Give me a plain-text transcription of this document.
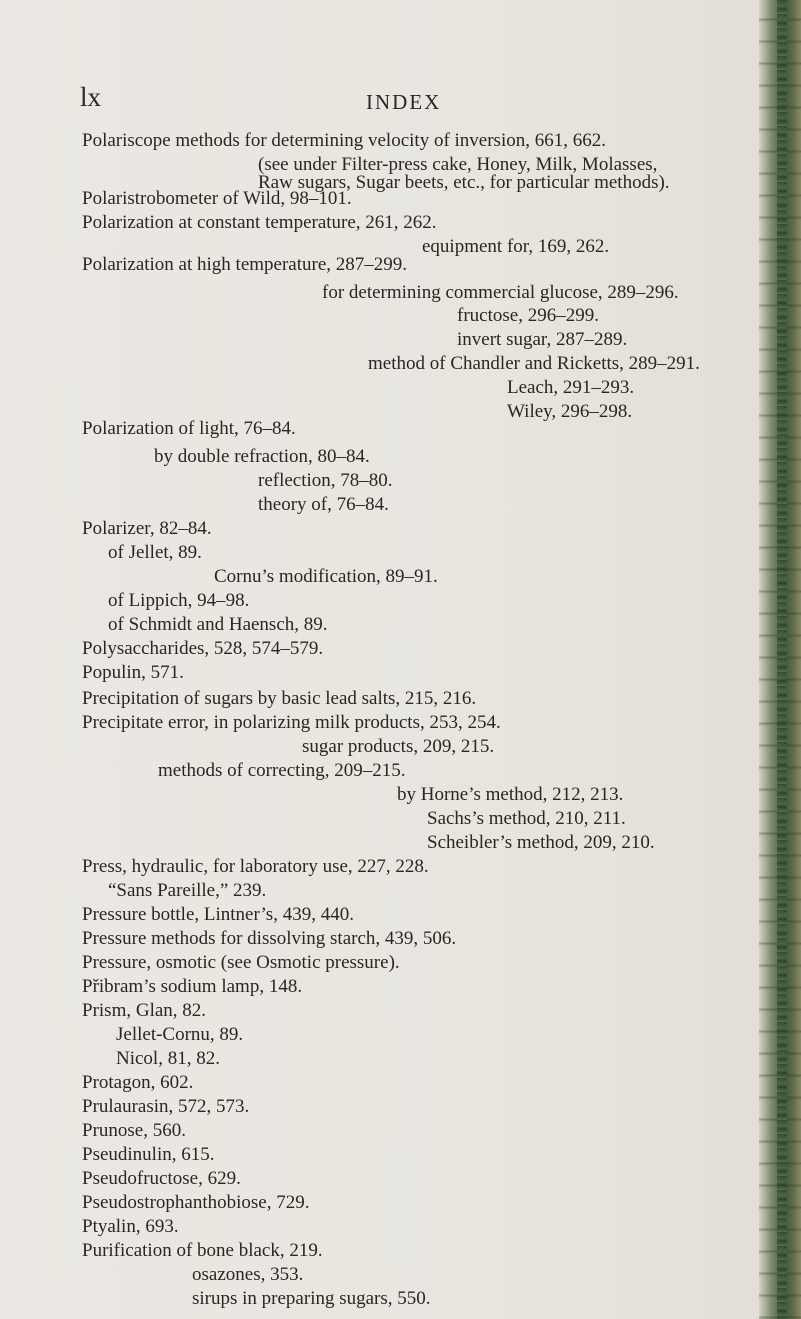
lx	INDEX
Polariscope methods for determining velocity of inversion, 661, 662.
(see under Filter-press cake, Honey, Milk, Molasses,
Raw sugars, Sugar beets, etc., for particular methods).
Polaristrobometer of Wild, 98–101.
Polarization at constant temperature, 261, 262.
equipment for, 169, 262.
Polarization at high temperature, 287–299.
for determining commercial glucose, 289–296.
fructose, 296–299.
invert sugar, 287–289.
method of Chandler and Ricketts, 289–291.
Leach, 291–293.
Wiley, 296–298.
Polarization of light, 76–84.
by double refraction, 80–84.
reflection, 78–80.
theory of, 76–84.
Polarizer, 82–84.
of Jellet, 89.
Cornu’s modification, 89–91.
of Lippich, 94–98.
of Schmidt and Haensch, 89.
Polysaccharides, 528, 574–579.
Populin, 571.
Precipitation of sugars by basic lead salts, 215, 216.
Precipitate error, in polarizing milk products, 253, 254.
sugar products, 209, 215.
methods of correcting, 209–215.
by Horne’s method, 212, 213.
Sachs’s method, 210, 211.
Scheibler’s method, 209, 210.
Press, hydraulic, for laboratory use, 227, 228.
“Sans Pareille,” 239.
Pressure bottle, Lintner’s, 439, 440.
Pressure methods for dissolving starch, 439, 506.
Pressure, osmotic (see Osmotic pressure).
Přibram’s sodium lamp, 148.
Prism, Glan, 82.
Jellet-Cornu, 89.
Nicol, 81, 82.
Protagon, 602.
Prulaurasin, 572, 573.
Prunose, 560.
Pseudinulin, 615.
Pseudofructose, 629.
Pseudostrophanthobiose, 729.
Ptyalin, 693.
Purification of bone black, 219.
osazones, 353.
sirups in preparing sugars, 550.
